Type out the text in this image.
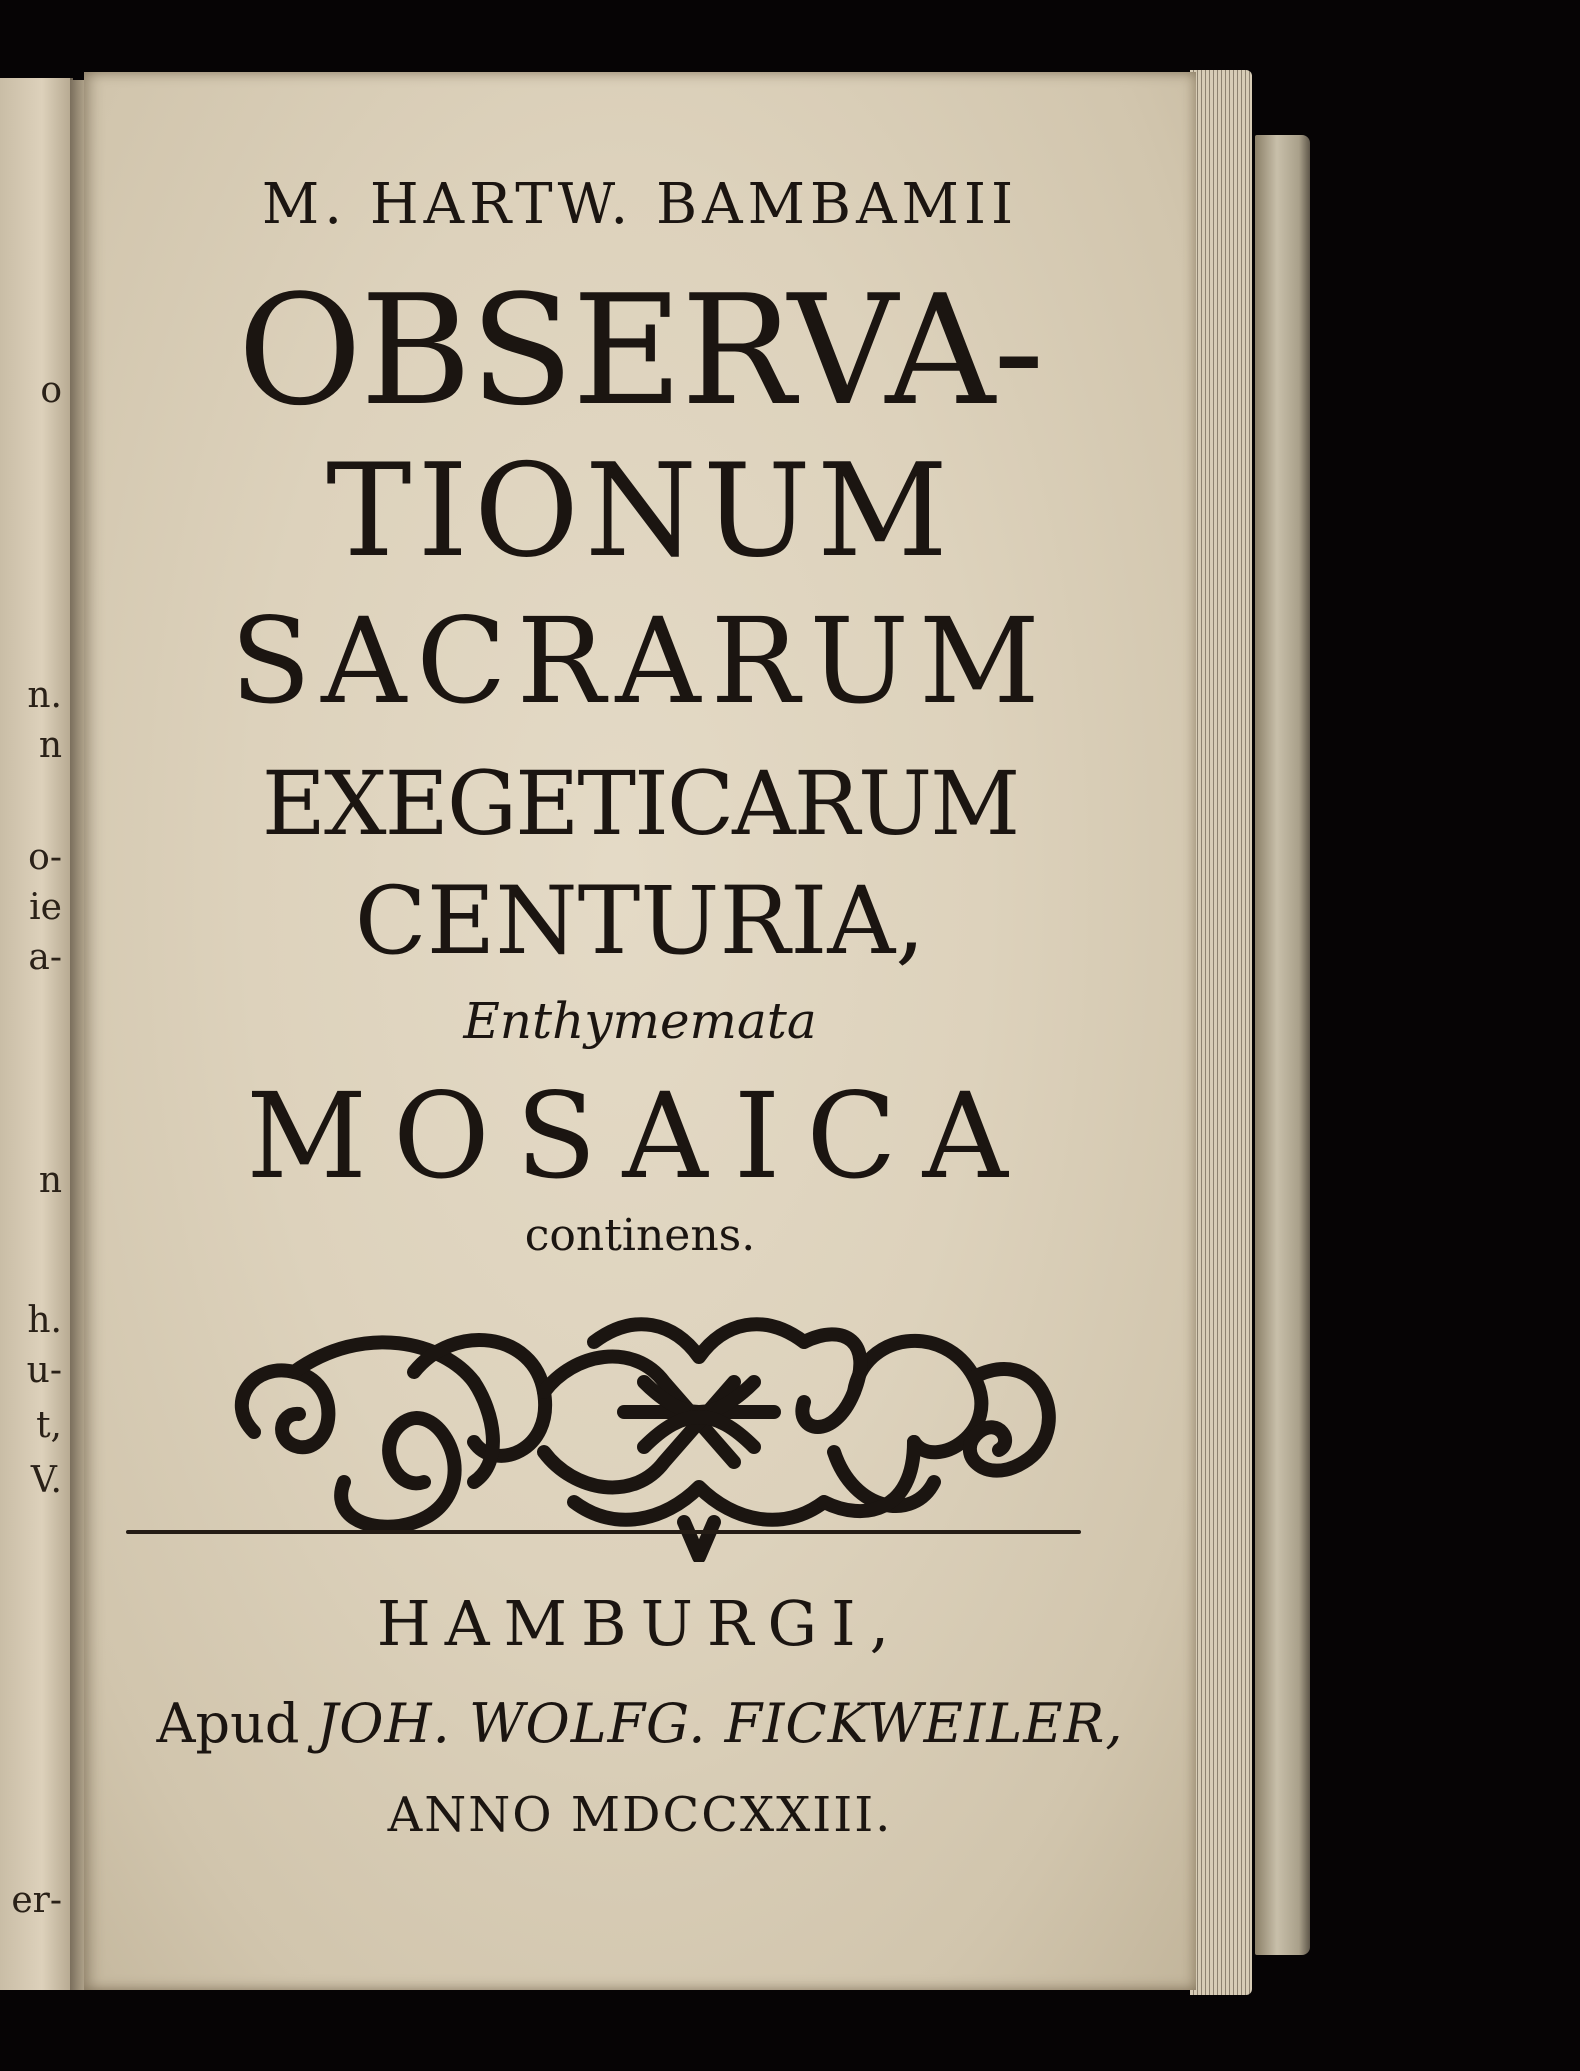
o
n.
n
o-
ie
a-
n
h.
u-
t,
V.
er-
M. HARTW. BAMBAMII
OBSERVA-
TIONUM
SACRARUM
EXEGETICARUM
CENTURIA,
Enthymemata
MOSAICA
continens.
HAMBURGI,
Apud JOH. WOLFG. FICKWEILER,
ANNO MDCCXXIII.
